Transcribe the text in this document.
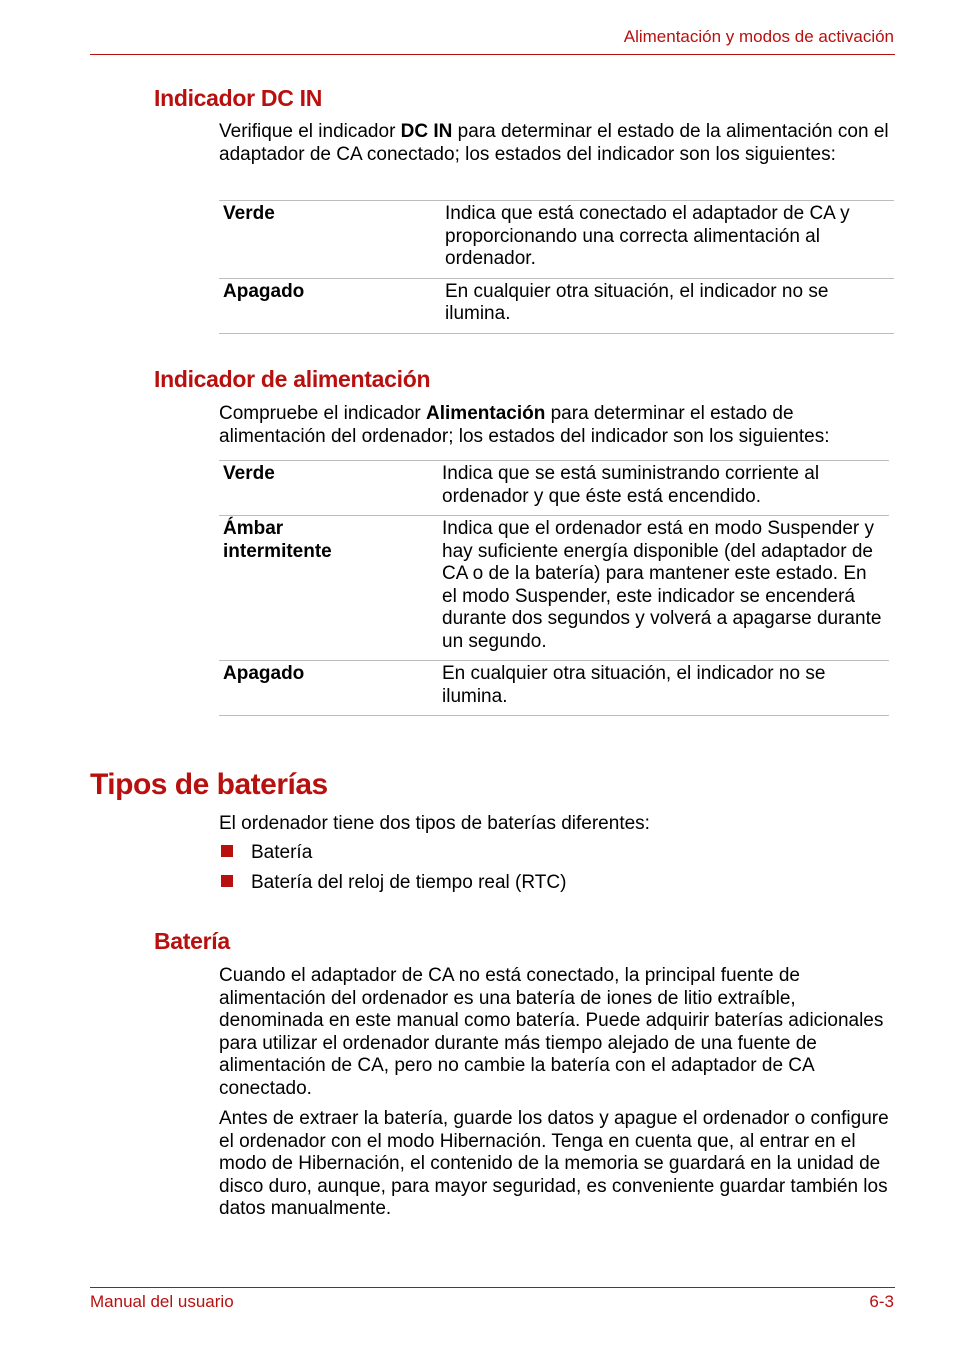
Alimentación y modos de activación
Indicador DC IN
Verifique el indicador DC IN para determinar el estado de la alimentación con el adaptador de CA conectado; los estados del indicador son los siguientes:
Verde	Indica que está conectado el adaptador de CA y proporcionando una correcta alimentación al ordenador.
Apagado	En cualquier otra situación, el indicador no se ilumina.
Indicador de alimentación
Compruebe el indicador Alimentación para determinar el estado de alimentación del ordenador; los estados del indicador son los siguientes:
Verde	Indica que se está suministrando corriente al ordenador y que éste está encendido.
Ámbar
intermitente	Indica que el ordenador está en modo Suspender y hay suficiente energía disponible (del adaptador de CA o de la batería) para mantener este estado. En el modo Suspender, este indicador se encenderá durante dos segundos y volverá a apagarse durante un segundo.
Apagado	En cualquier otra situación, el indicador no se ilumina.
Tipos de baterías
El ordenador tiene dos tipos de baterías diferentes:
Batería
Batería del reloj de tiempo real (RTC)
Batería
Cuando el adaptador de CA no está conectado, la principal fuente de alimentación del ordenador es una batería de iones de litio extraíble, denominada en este manual como batería. Puede adquirir baterías adicionales para utilizar el ordenador durante más tiempo alejado de una fuente de alimentación de CA, pero no cambie la batería con el adaptador de CA conectado.
Antes de extraer la batería, guarde los datos y apague el ordenador o configure el ordenador con el modo Hibernación. Tenga en cuenta que, al entrar en el modo de Hibernación, el contenido de la memoria se guardará en la unidad de disco duro, aunque, para mayor seguridad, es conveniente guardar también los datos manualmente.
Manual del usuario	6-3
